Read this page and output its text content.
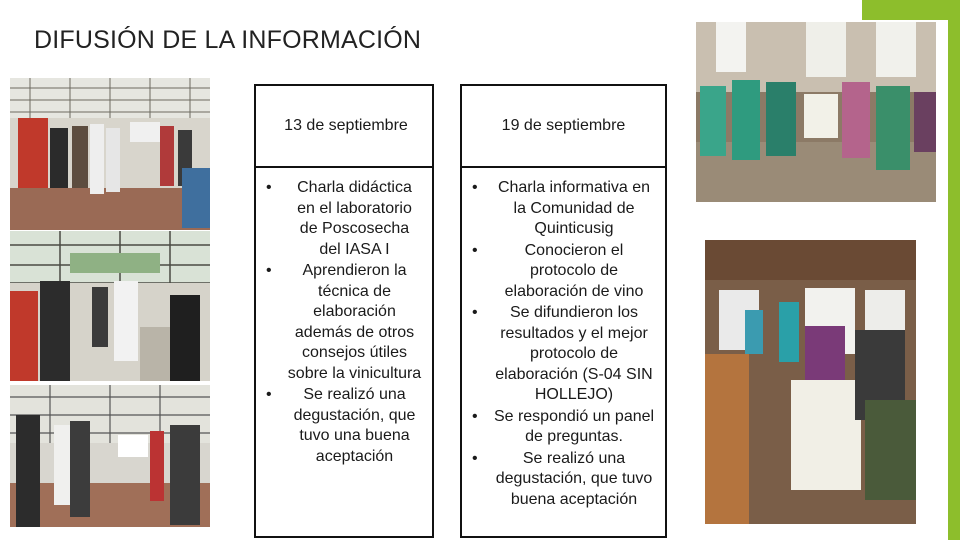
DIFUSIÓN DE LA INFORMACIÓN
13 de septiembre
• Charla didáctica en el laboratorio de Poscosecha del IASA I
• Aprendieron la técnica de elaboración además de otros consejos útiles sobre la vinicultura
• Se realizó una degustación, que tuvo una buena aceptación
19 de septiembre
• Charla informativa en la Comunidad de Quinticusig
• Conocieron el protocolo de elaboración de vino
• Se difundieron los resultados y el mejor protocolo de elaboración (S-04 SIN HOLLEJO)
• Se respondió un panel de preguntas.
• Se realizó una degustación, que tuvo buena aceptación
